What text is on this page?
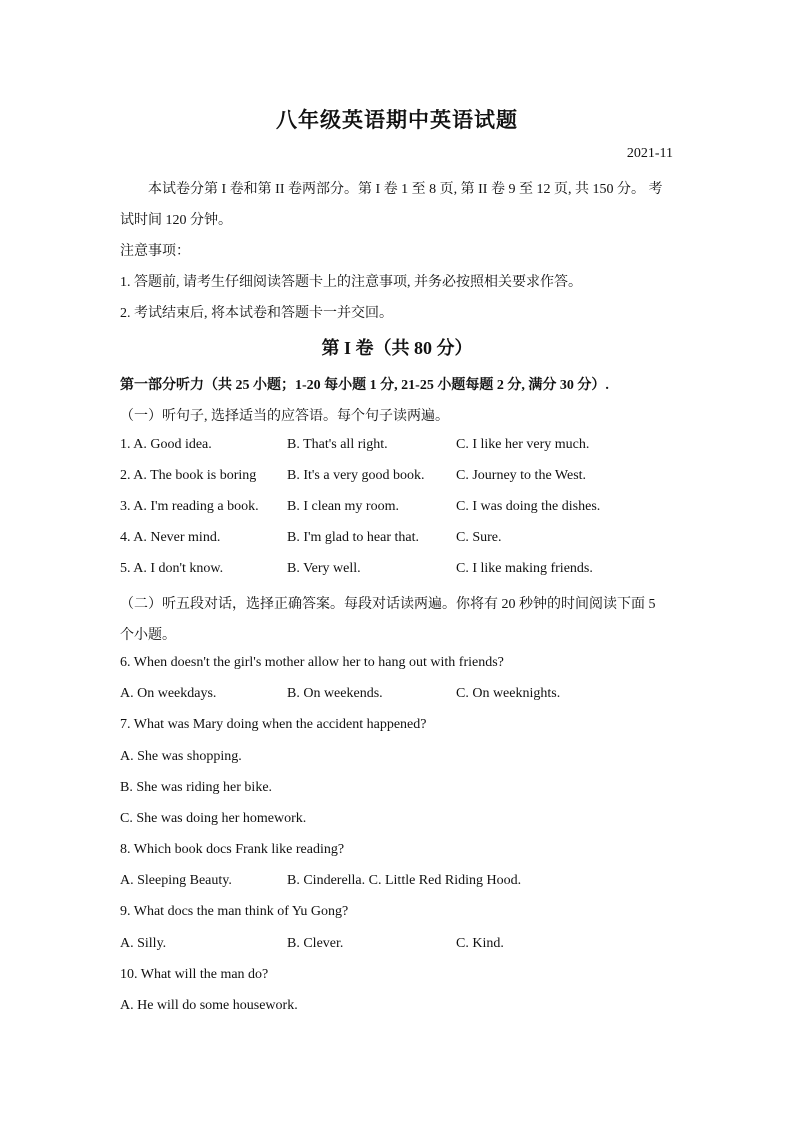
八年级英语期中英语试题
2021-11
本试卷分第 I 卷和第 II 卷两部分。第 I 卷 1 至 8 页, 第 II 卷 9 至 12 页, 共 150 分。 考
试时间 120 分钟。
注意事项：
1. 答题前, 请考生仔细阅读答题卡上的注意事项, 并务必按照相关要求作答。
2. 考试结束后, 将本试卷和答题卡一并交回。
第 I 卷（共 80 分）
第一部分听力（共 25 小题；1-20 每小题 1 分, 21-25 小题每题 2 分, 满分 30 分）.
（一）听句子, 选择适当的应答语。每个句子读两遍。
1. A. Good idea.	B. That's all right.	C. I like her very much.
2. A. The book is boring B. It's a very good book. C. Journey to the West.
3. A. I'm reading a book. B. I clean my room.	C. I was doing the dishes.
4. A. Never mind.	B. I'm glad to hear that.	C. Sure.
5. A. I don't know.	B. Very well.	C. I like making friends.
（二）听五段对话，选择正确答案。每段对话读两遍。你将有 20 秒钟的时间阅读下面 5
个小题。
6. When doesn't the girl's mother allow her to hang out with friends?
A. On weekdays.	B. On weekends.	C. On weeknights.
7. What was Mary doing when the accident happened?
A. She was shopping.
B. She was riding her bike.
C. She was doing her homework.
8. Which book docs Frank like reading?
A. Sleeping Beauty.	B. Cinderella. C. Little Red Riding Hood.
9. What docs the man think of Yu Gong?
A. Silly.	B. Clever.	C. Kind.
10. What will the man do?
A. He will do some housework.
